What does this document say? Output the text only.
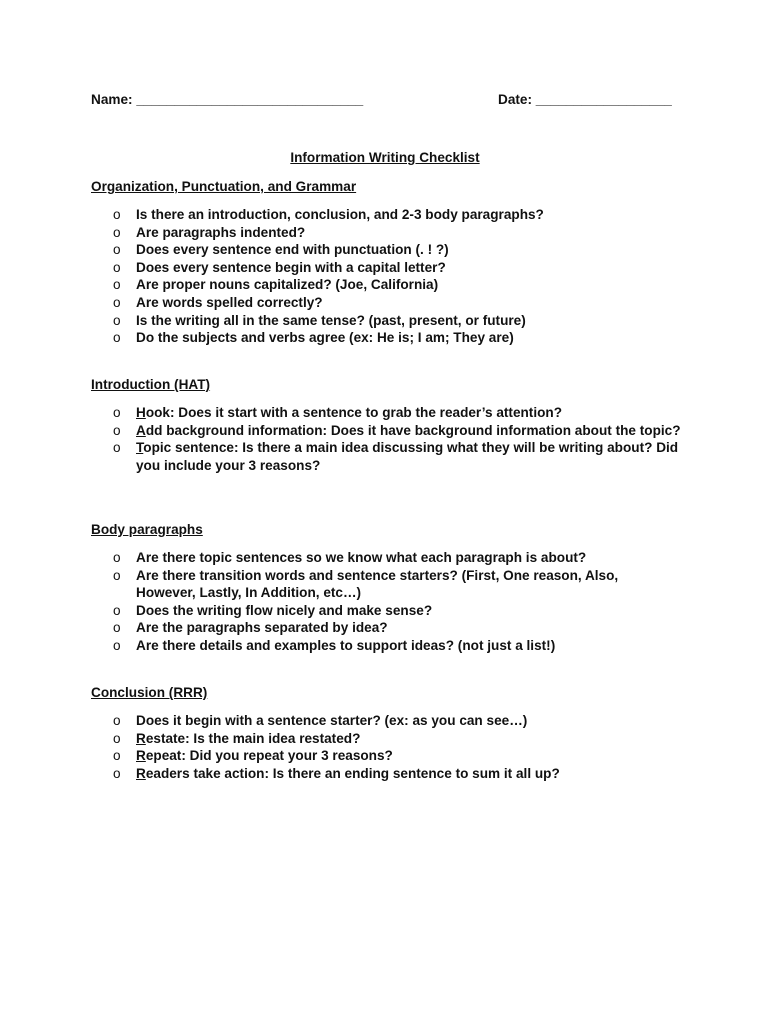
Name: ______________________________	Date: __________________
Information Writing Checklist

Organization, Punctuation, and Grammar

o Is there an introduction, conclusion, and 2-3 body paragraphs?
o Are paragraphs indented?
o Does every sentence end with punctuation (. ! ?)
o Does every sentence begin with a capital letter?
o Are proper nouns capitalized? (Joe, California)
o Are words spelled correctly?
o Is the writing all in the same tense? (past, present, or future)
o Do the subjects and verbs agree (ex: He is; I am; They are)

Introduction (HAT)

o Hook: Does it start with a sentence to grab the reader’s attention?
o Add background information: Does it have background information about the topic?
o Topic sentence: Is there a main idea discussing what they will be writing about? Did you include your 3 reasons?

Body paragraphs

o Are there topic sentences so we know what each paragraph is about?
o Are there transition words and sentence starters? (First, One reason, Also, However, Lastly, In Addition, etc…)
o Does the writing flow nicely and make sense?
o Are the paragraphs separated by idea?
o Are there details and examples to support ideas? (not just a list!)

Conclusion (RRR)

o Does it begin with a sentence starter? (ex: as you can see…)
o Restate: Is the main idea restated?
o Repeat: Did you repeat your 3 reasons?
o Readers take action: Is there an ending sentence to sum it all up?
